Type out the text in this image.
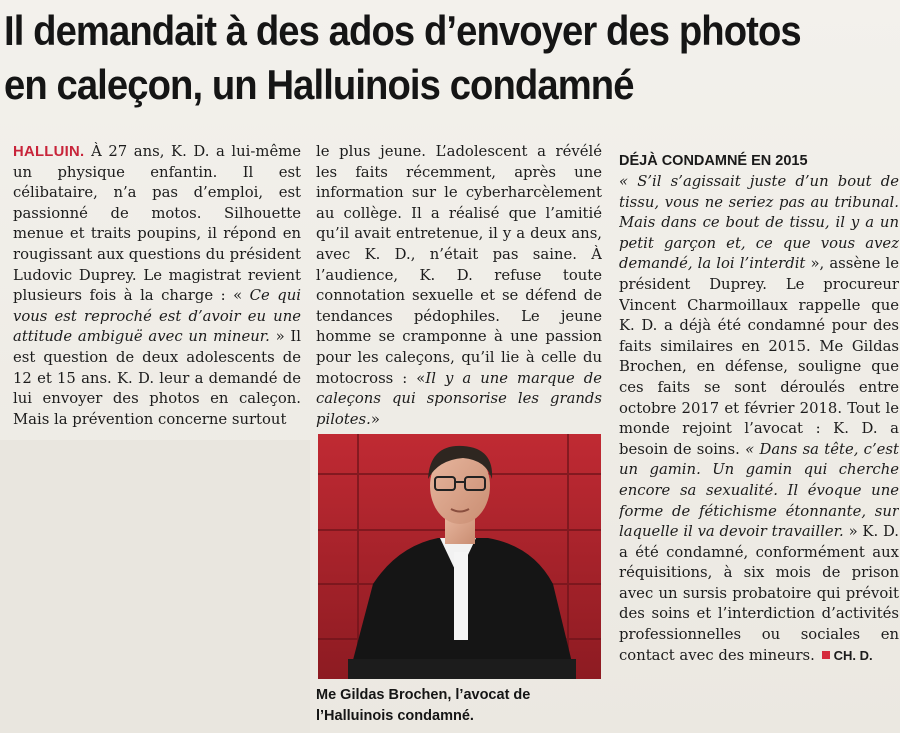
Il demandait à des ados d’envoyer des photos
en caleçon, un Halluinois condamné

HALLUIN. À 27 ans, K. D. a lui-même un physique enfantin. Il est célibataire, n’a pas d’emploi, est passionné de motos. Silhouette menue et traits poupins, il répond en rougissant aux questions du président Ludovic Duprey. Le magistrat revient plusieurs fois à la charge : « Ce qui vous est reproché est d’avoir eu une attitude ambiguë avec un mineur. » Il est question de deux adolescents de 12 et 15 ans. K. D. leur a demandé de lui envoyer des photos en caleçon. Mais la prévention concerne surtout

le plus jeune. L’adolescent a révélé les faits récemment, après une information sur le cyberharcèlement au collège. Il a réalisé que l’amitié qu’il avait entretenue, il y a deux ans, avec K. D., n’était pas saine. À l’audience, K. D. refuse toute connotation sexuelle et se défend de tendances pédophiles. Le jeune homme se cramponne à une passion pour les caleçons, qu’il lie à celle du motocross : «Il y a une marque de caleçons qui sponsorise les grands pilotes.»

Me Gildas Brochen, l’avocat de l’Halluinois condamné.

DÉJÀ CONDAMNÉ EN 2015

« S’il s’agissait juste d’un bout de tissu, vous ne seriez pas au tribunal. Mais dans ce bout de tissu, il y a un petit garçon et, ce que vous avez demandé, la loi l’interdit », assène le président Duprey. Le procureur Vincent Charmoillaux rappelle que K. D. a déjà été condamné pour des faits similaires en 2015. Me Gildas Brochen, en défense, souligne que ces faits se sont déroulés entre octobre 2017 et février 2018. Tout le monde rejoint l’avocat : K. D. a besoin de soins. « Dans sa tête, c’est un gamin. Un gamin qui cherche encore sa sexualité. Il évoque une forme de fétichisme étonnante, sur laquelle il va devoir travailler. » K. D. a été condamné, conformément aux réquisitions, à six mois de prison avec un sursis probatoire qui prévoit des soins et l’interdiction d’activités professionnelles ou sociales en contact avec des mineurs. CH. D.
